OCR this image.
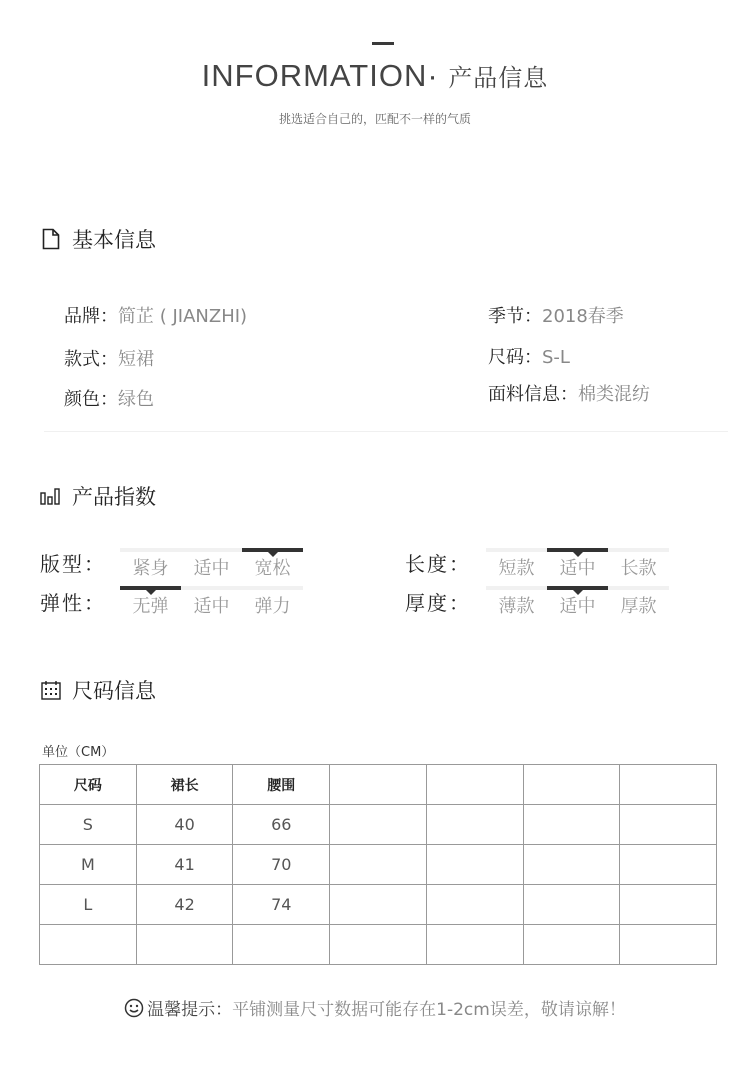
INFORMATION· 产品信息
挑选适合自己的，匹配不一样的气质
基本信息
品牌：简芷 ( JIANZHI)
款式：短裙
颜色：绿色
季节：2018春季
尺码：S-L
面料信息：棉类混纺
产品指数
版型：	紧身	适中	宽松
弹性：	无弹	适中	弹力
长度：	短款	适中	长款
厚度：	薄款	适中	厚款
尺码信息
单位（CM）
尺码	裙长	腰围				
S	40	66				
M	41	70				
L	42	74				

温馨提示：平铺测量尺寸数据可能存在1-2cm误差，敬请谅解！
